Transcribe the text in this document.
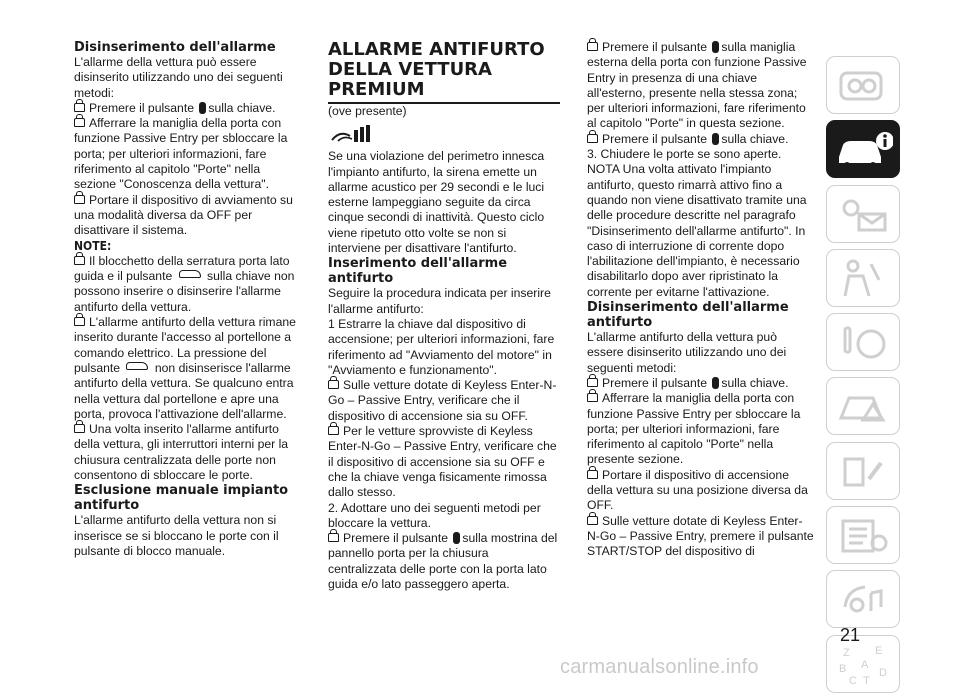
Disinserimento dell'allarme

L'allarme della vettura può essere disinserito utilizzando uno dei seguenti metodi:

Premere il pulsante sulla chiave.

Afferrare la maniglia della porta con funzione Passive Entry per sbloccare la porta; per ulteriori informazioni, fare riferimento al capitolo "Porte" nella sezione "Conoscenza della vettura".

Portare il dispositivo di avviamento su una modalità diversa da OFF per disattivare il sistema.

NOTE:

Il blocchetto della serratura porta lato guida e il pulsante	sulla chiave non possono inserire o disinserire l'allarme antifurto della vettura.

L'allarme antifurto della vettura rimane inserito durante l'accesso al portellone a comando elettrico. La pressione del pulsante	non disinserisce l'allarme antifurto della vettura. Se qualcuno entra nella vettura dal portellone e apre una porta, provoca l'attivazione dell'allarme.

Una volta inserito l'allarme antifurto della vettura, gli interruttori interni per la chiusura centralizzata delle porte non consentono di sbloccare le porte.

Esclusione manuale impianto antifurto

L'allarme antifurto della vettura non si inserisce se si bloccano le porte con il pulsante di blocco manuale.

ALLARME ANTIFURTO DELLA VETTURA PREMIUM

(ove presente)

Se una violazione del perimetro innesca l'impianto antifurto, la sirena emette un allarme acustico per 29 secondi e le luci esterne lampeggiano seguite da circa cinque secondi di inattività. Questo ciclo viene ripetuto otto volte se non si interviene per disattivare l'antifurto.

Inserimento dell'allarme antifurto

Seguire la procedura indicata per inserire l'allarme antifurto:

1 Estrarre la chiave dal dispositivo di accensione; per ulteriori informazioni, fare riferimento ad "Avviamento del motore" in "Avviamento e funzionamento".

Sulle vetture dotate di Keyless Enter-N-Go – Passive Entry, verificare che il dispositivo di accensione sia su OFF.

Per le vetture sprovviste di Keyless Enter-N-Go – Passive Entry, verificare che il dispositivo di accensione sia su OFF e che la chiave venga fisicamente rimossa dallo stesso.

2. Adottare uno dei seguenti metodi per bloccare la vettura.

Premere il pulsante sulla mostrina del pannello porta per la chiusura centralizzata delle porte con la porta lato guida e/o lato passeggero aperta.

Premere il pulsante sulla maniglia esterna della porta con funzione Passive Entry in presenza di una chiave all'esterno, presente nella stessa zona; per ulteriori informazioni, fare riferimento al capitolo "Porte" in questa sezione.

Premere il pulsante sulla chiave.

3. Chiudere le porte se sono aperte.

NOTA Una volta attivato l'impianto antifurto, questo rimarrà attivo fino a quando non viene disattivato tramite una delle procedure descritte nel paragrafo "Disinserimento dell'allarme antifurto". In caso di interruzione di corrente dopo l'abilitazione dell'impianto, è necessario disabilitarlo dopo aver ripristinato la corrente per evitarne l'attivazione.

Disinserimento dell'allarme antifurto

L'allarme antifurto della vettura può essere disinserito utilizzando uno dei seguenti metodi:

Premere il pulsante sulla chiave.

Afferrare la maniglia della porta con funzione Passive Entry per sbloccare la porta; per ulteriori informazioni, fare riferimento al capitolo "Porte" nella presente sezione.

Portare il dispositivo di accensione della vettura su una posizione diversa da OFF.

Sulle vetture dotate di Keyless Enter-N-Go – Passive Entry, premere il pulsante START/STOP del dispositivo di

Z E
B A
C T
D
21
carmanualsonline.info
